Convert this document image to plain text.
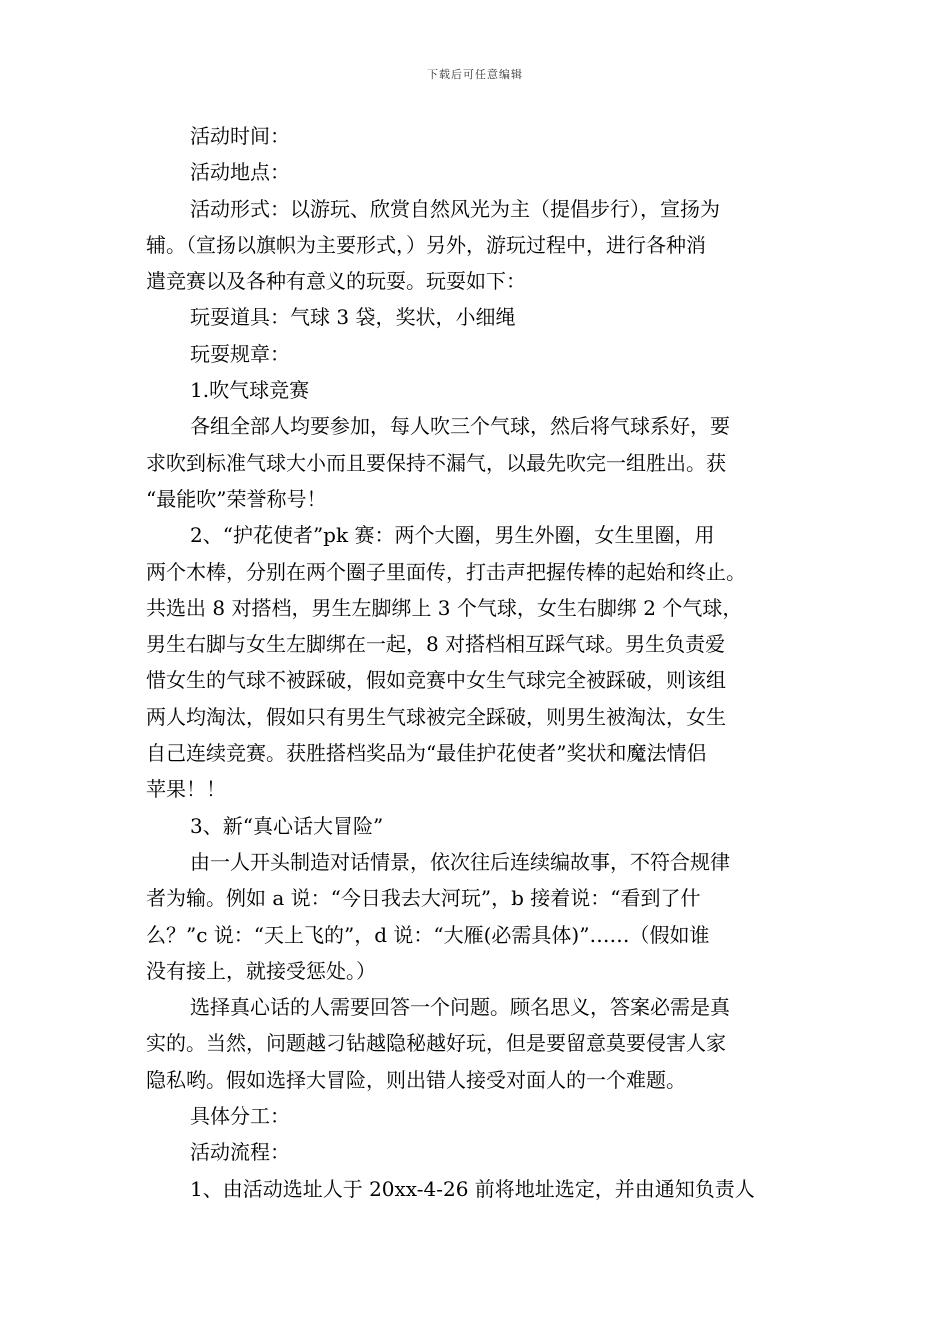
下载后可任意编辑
活动时间：
活动地点：
活动形式：以游玩、欣赏自然风光为主（提倡步行），宣扬为
辅。（宣扬以旗帜为主要形式，）另外，游玩过程中，进行各种消
遣竞赛以及各种有意义的玩耍。玩耍如下：
玩耍道具：气球 3 袋，奖状，小细绳
玩耍规章：
1.吹气球竞赛
各组全部人均要参加，每人吹三个气球，然后将气球系好，要
求吹到标准气球大小而且要保持不漏气，以最先吹完一组胜出。获
“最能吹”荣誉称号！
2、“护花使者”pk 赛：两个大圈，男生外圈，女生里圈，用
两个木棒，分别在两个圈子里面传，打击声把握传棒的起始和终止。
共选出 8 对搭档，男生左脚绑上 3 个气球，女生右脚绑 2 个气球，
男生右脚与女生左脚绑在一起，8 对搭档相互踩气球。男生负责爱
惜女生的气球不被踩破，假如竞赛中女生气球完全被踩破，则该组
两人均淘汰，假如只有男生气球被完全踩破，则男生被淘汰，女生
自己连续竞赛。获胜搭档奖品为“最佳护花使者”奖状和魔法情侣
苹果！！
3、新“真心话大冒险”
由一人开头制造对话情景，依次往后连续编故事，不符合规律
者为输。例如 a 说：“今日我去大河玩”，b 接着说：“看到了什
么？”c 说：“天上飞的”，d 说：“大雁(必需具体)”……（假如谁
没有接上，就接受惩处。）
选择真心话的人需要回答一个问题。顾名思义，答案必需是真
实的。当然，问题越刁钻越隐秘越好玩，但是要留意莫要侵害人家
隐私哟。假如选择大冒险，则出错人接受对面人的一个难题。
具体分工：
活动流程：
1、由活动选址人于 20xx-4-26 前将地址选定，并由通知负责人
